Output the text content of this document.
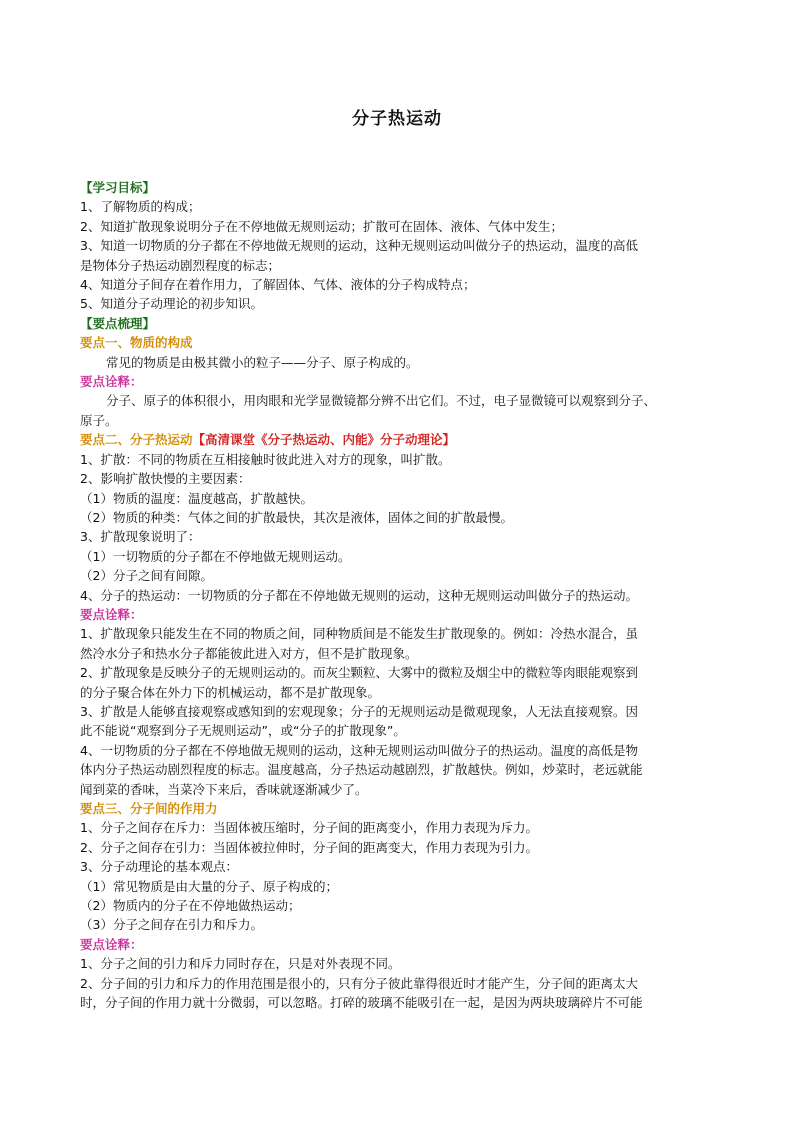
分子热运动
【学习目标】
1、了解物质的构成；
2、知道扩散现象说明分子在不停地做无规则运动；扩散可在固体、液体、气体中发生；
3、知道一切物质的分子都在不停地做无规则的运动，这种无规则运动叫做分子的热运动，温度的高低
是物体分子热运动剧烈程度的标志；
4、知道分子间存在着作用力，了解固体、气体、液体的分子构成特点；
5、知道分子动理论的初步知识。
【要点梳理】
要点一、物质的构成
常见的物质是由极其微小的粒子——分子、原子构成的。
要点诠释：
分子、原子的体积很小，用肉眼和光学显微镜都分辨不出它们。不过，电子显微镜可以观察到分子、
原子。
要点二、分子热运动【高清课堂《分子热运动、内能》分子动理论】
1、扩散：不同的物质在互相接触时彼此进入对方的现象，叫扩散。
2、影响扩散快慢的主要因素：
（1）物质的温度：温度越高，扩散越快。
（2）物质的种类：气体之间的扩散最快，其次是液体，固体之间的扩散最慢。
3、扩散现象说明了：
（1）一切物质的分子都在不停地做无规则运动。
（2）分子之间有间隙。
4、分子的热运动：一切物质的分子都在不停地做无规则的运动，这种无规则运动叫做分子的热运动。
要点诠释：
1、扩散现象只能发生在不同的物质之间，同种物质间是不能发生扩散现象的。例如：冷热水混合，虽
然冷水分子和热水分子都能彼此进入对方，但不是扩散现象。
2、扩散现象是反映分子的无规则运动的。而灰尘颗粒、大雾中的微粒及烟尘中的微粒等肉眼能观察到
的分子聚合体在外力下的机械运动，都不是扩散现象。
3、扩散是人能够直接观察或感知到的宏观现象；分子的无规则运动是微观现象，人无法直接观察。因
此不能说“观察到分子无规则运动”，或“分子的扩散现象”。
4、一切物质的分子都在不停地做无规则的运动，这种无规则运动叫做分子的热运动。温度的高低是物
体内分子热运动剧烈程度的标志。温度越高，分子热运动越剧烈，扩散越快。例如，炒菜时，老远就能
闻到菜的香味，当菜冷下来后，香味就逐渐减少了。
要点三、分子间的作用力
1、分子之间存在斥力：当固体被压缩时，分子间的距离变小，作用力表现为斥力。
2、分子之间存在引力：当固体被拉伸时，分子间的距离变大，作用力表现为引力。
3、分子动理论的基本观点：
（1）常见物质是由大量的分子、原子构成的；
（2）物质内的分子在不停地做热运动；
（3）分子之间存在引力和斥力。
要点诠释：
1、分子之间的引力和斥力同时存在，只是对外表现不同。
2、分子间的引力和斥力的作用范围是很小的，只有分子彼此靠得很近时才能产生，分子间的距离太大
时，分子间的作用力就十分微弱，可以忽略。打碎的玻璃不能吸引在一起，是因为两块玻璃碎片不可能
